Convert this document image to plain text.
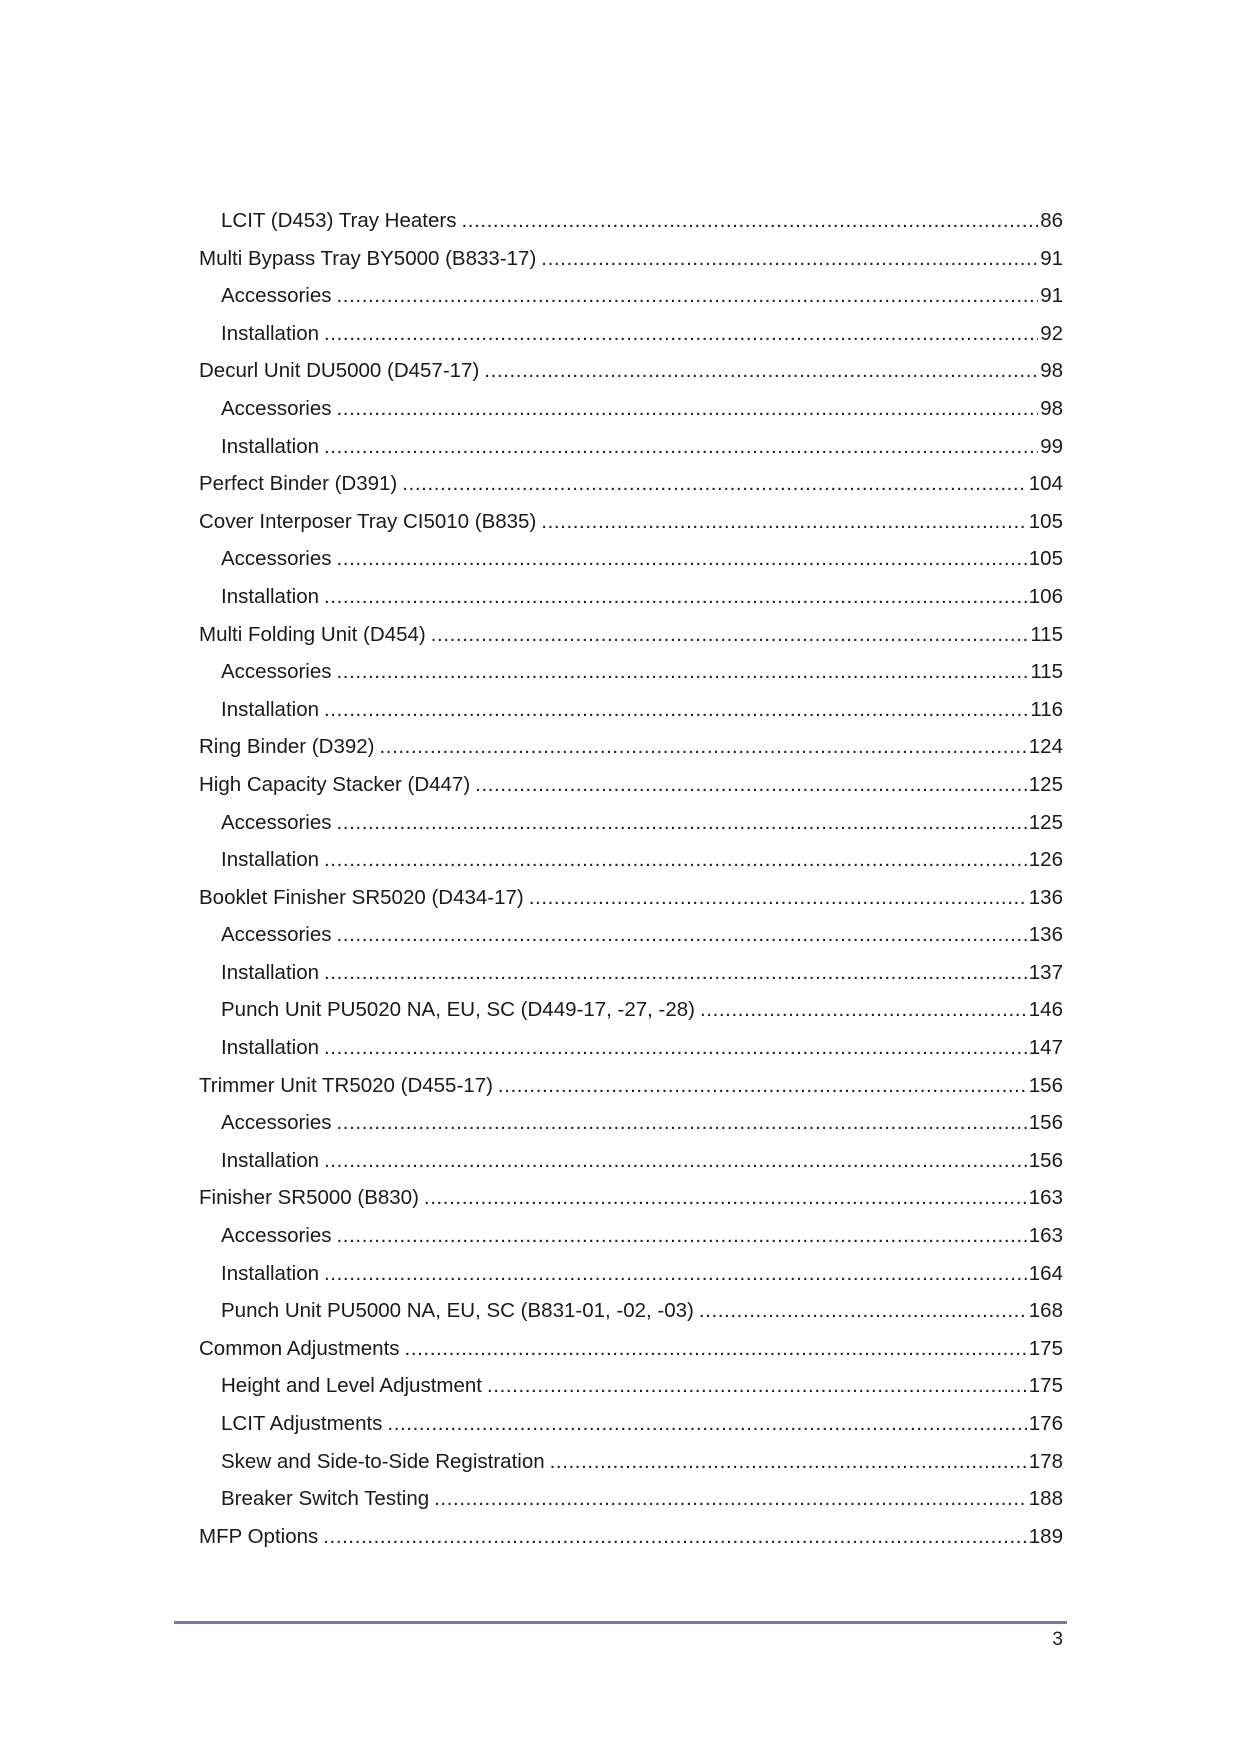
LCIT (D453) Tray Heaters .....	86
Multi Bypass Tray BY5000 (B833-17) .....	91
Accessories .....	91
Installation .....	92
Decurl Unit DU5000 (D457-17) .....	98
Accessories .....	98
Installation .....	99
Perfect Binder (D391) .....	104
Cover Interposer Tray CI5010 (B835) .....	105
Accessories .....	105
Installation .....	106
Multi Folding Unit (D454) .....	115
Accessories .....	115
Installation .....	116
Ring Binder (D392) .....	124
High Capacity Stacker (D447) .....	125
Accessories .....	125
Installation .....	126
Booklet Finisher SR5020 (D434-17) .....	136
Accessories .....	136
Installation .....	137
Punch Unit PU5020 NA, EU, SC (D449-17, -27, -28) .....	146
Installation .....	147
Trimmer Unit TR5020 (D455-17) .....	156
Accessories .....	156
Installation .....	156
Finisher SR5000 (B830) .....	163
Accessories .....	163
Installation .....	164
Punch Unit PU5000 NA, EU, SC (B831-01, -02, -03) .....	168
Common Adjustments .....	175
Height and Level Adjustment .....	175
LCIT Adjustments .....	176
Skew and Side-to-Side Registration .....	178
Breaker Switch Testing .....	188
MFP Options .....	189
3
